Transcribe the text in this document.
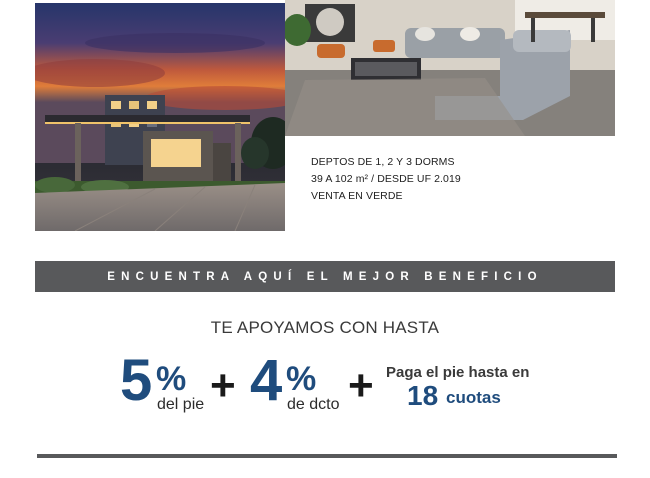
DEPTOS DE 1, 2 Y 3 DORMS
39 A 102 m² / DESDE UF 2.019
VENTA EN VERDE
ENCUENTRA AQUÍ EL MEJOR BENEFICIO
TE APOYAMOS CON HASTA
5 %
del pie + 4 %
de dcto + Paga el pie hasta en
18 cuotas
